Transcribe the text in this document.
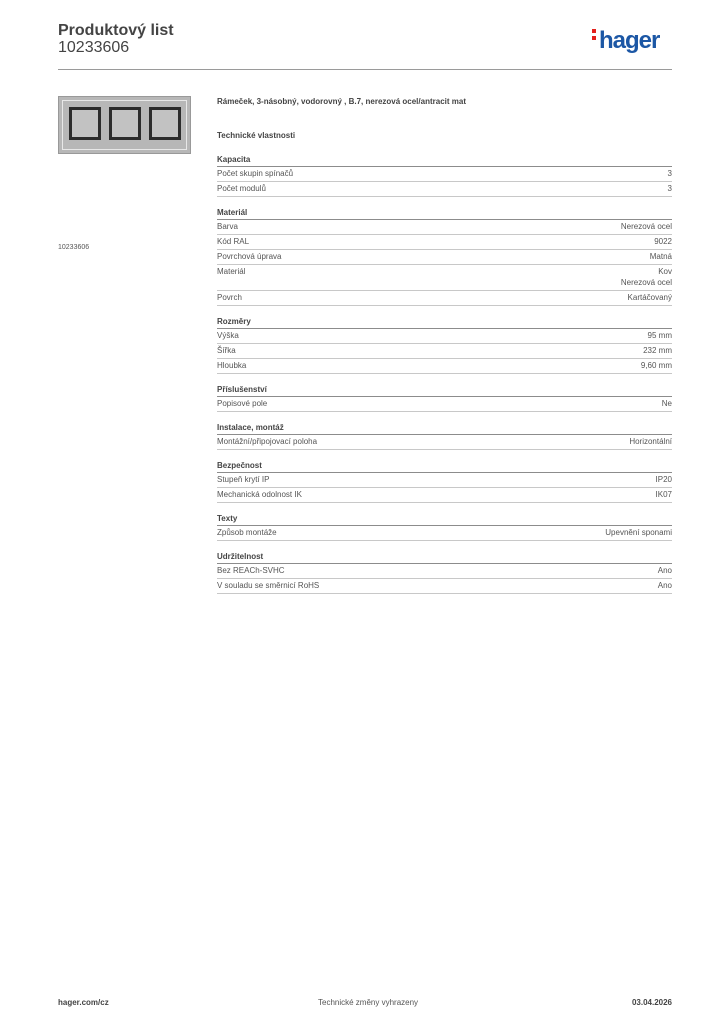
Produktový list
10233606	hager
10233606
Rámeček, 3-násobný, vodorovný , B.7, nerezová ocel/antracit mat
Technické vlastnosti
Kapacita
Počet skupin spínačů	3
Počet modulů	3
Materiál
Barva	Nerezová ocel
Kód RAL	9022
Povrchová úprava	Matná
Materiál	Kov
Nerezová ocel
Povrch	Kartáčovaný
Rozměry
Výška	95 mm
Šířka	232 mm
Hloubka	9,60 mm
Příslušenství
Popisové pole	Ne
Instalace, montáž
Montážní/připojovací poloha	Horizontální
Bezpečnost
Stupeň krytí IP	IP20
Mechanická odolnost IK	IK07
Texty
Způsob montáže	Upevnění sponami
Udržitelnost
Bez REACh-SVHC	Ano
V souladu se směrnicí RoHS	Ano
hager.com/cz	Technické změny vyhrazeny	03.04.2026
